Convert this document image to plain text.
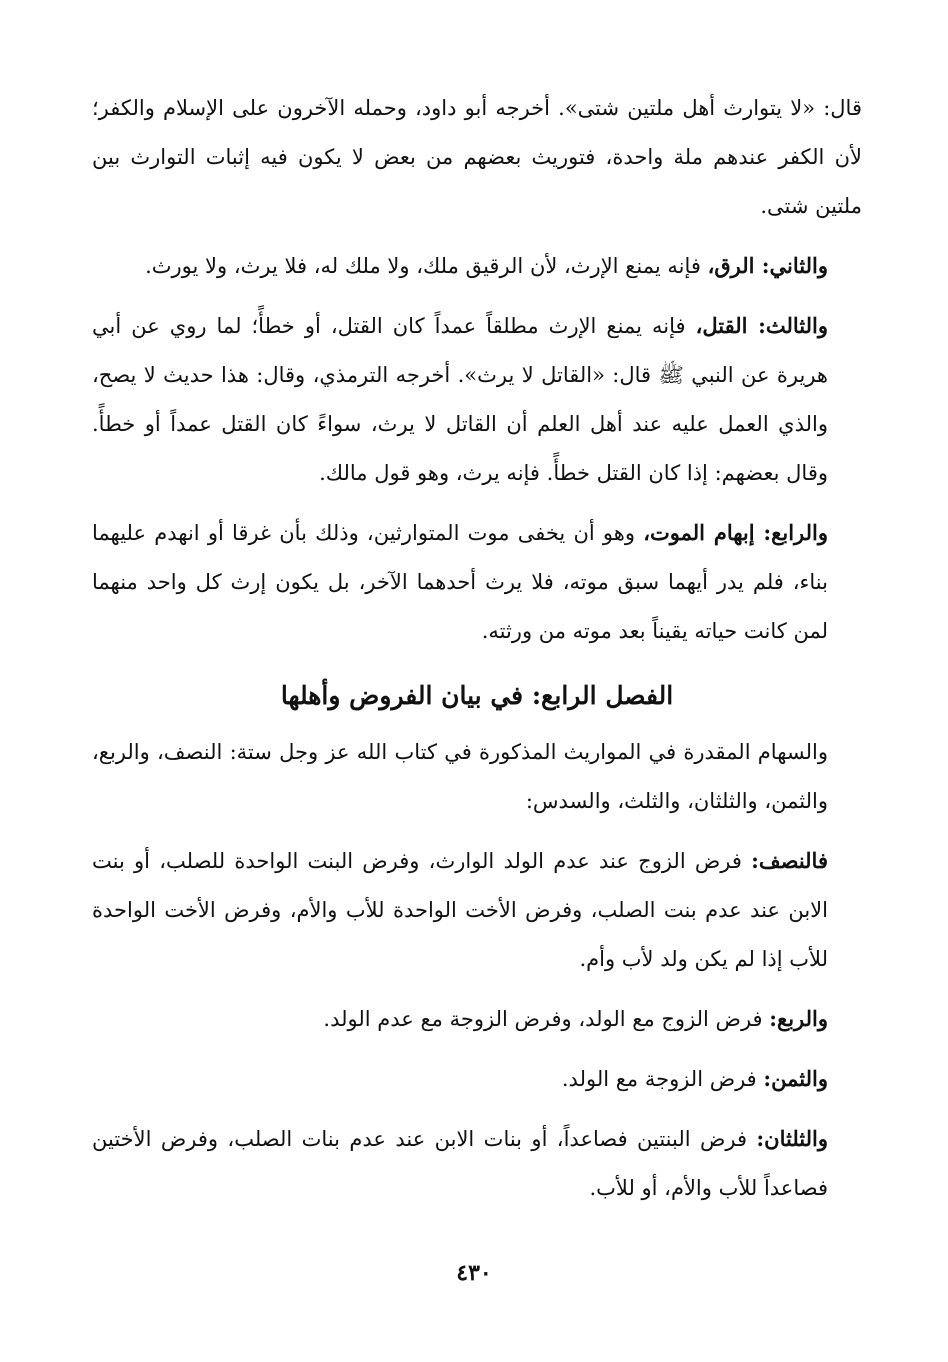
قال: «لا يتوارث أهل ملتين شتى». أخرجه أبو داود، وحمله الآخرون على الإسلام والكفر؛ لأن الكفر عندهم ملة واحدة، فتوريث بعضهم من بعض لا يكون فيه إثبات التوارث بين ملتين شتى.

والثاني: الرق، فإنه يمنع الإرث، لأن الرقيق ملك، ولا ملك له، فلا يرث، ولا يورث.

والثالث: القتل، فإنه يمنع الإرث مطلقاً عمداً كان القتل، أو خطأً؛ لما روي عن أبي هريرة عن النبي ﷺ قال: «القاتل لا يرث». أخرجه الترمذي، وقال: هذا حديث لا يصح، والذي العمل عليه عند أهل العلم أن القاتل لا يرث، سواءً كان القتل عمداً أو خطأً. وقال بعضهم: إذا كان القتل خطأً. فإنه يرث، وهو قول مالك.

والرابع: إبهام الموت، وهو أن يخفى موت المتوارثين، وذلك بأن غرقا أو انهدم عليهما بناء، فلم يدر أيهما سبق موته، فلا يرث أحدهما الآخر، بل يكون إرث كل واحد منهما لمن كانت حياته يقيناً بعد موته من ورثته.

الفصل الرابع: في بيان الفروض وأهلها

والسهام المقدرة في المواريث المذكورة في كتاب الله عز وجل ستة: النصف، والربع، والثمن، والثلثان، والثلث، والسدس:

فالنصف: فرض الزوج عند عدم الولد الوارث، وفرض البنت الواحدة للصلب، أو بنت الابن عند عدم بنت الصلب، وفرض الأخت الواحدة للأب والأم، وفرض الأخت الواحدة للأب إذا لم يكن ولد لأب وأم.

والربع: فرض الزوج مع الولد، وفرض الزوجة مع عدم الولد.

والثمن: فرض الزوجة مع الولد.

والثلثان: فرض البنتين فصاعداً، أو بنات الابن عند عدم بنات الصلب، وفرض الأختين فصاعداً للأب والأم، أو للأب.

٤٣٠
